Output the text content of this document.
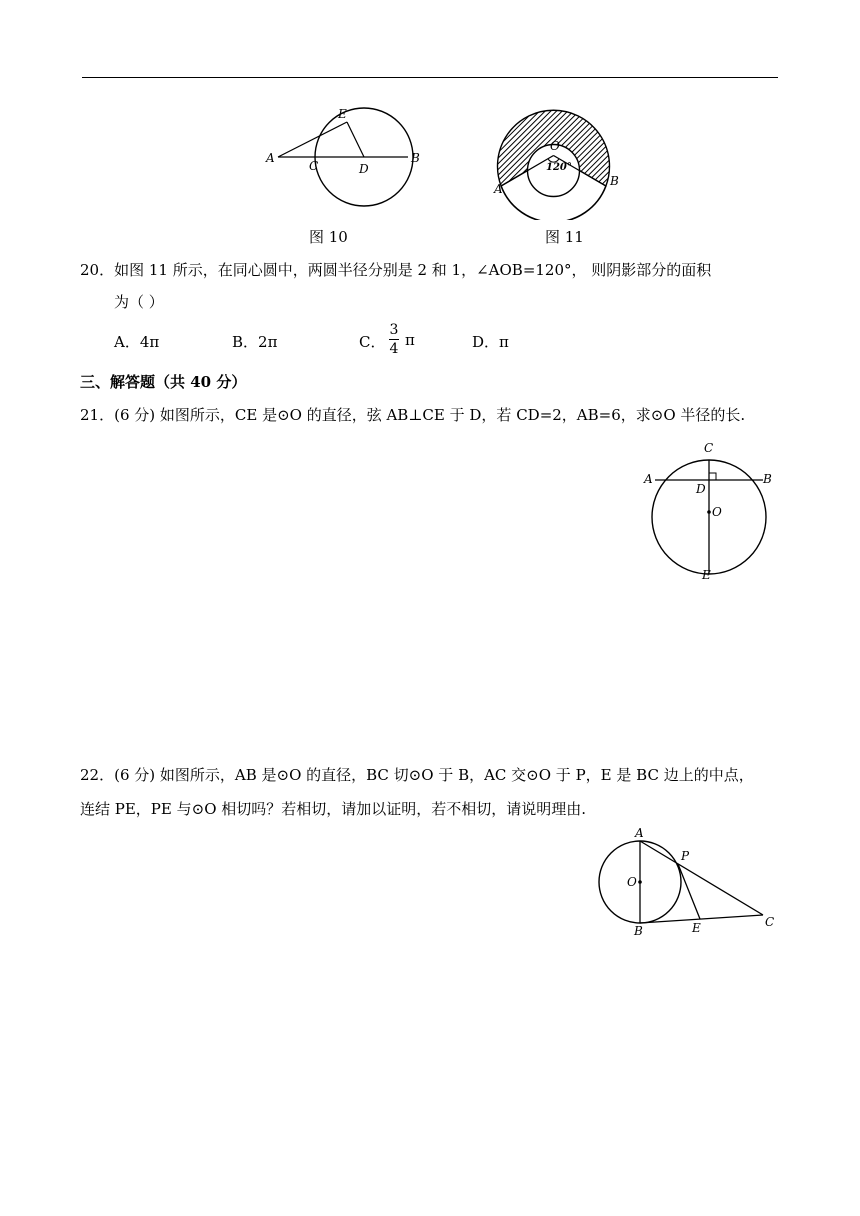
A
C	D
E
B
图 10
O
120°
A
B
图 11
20．如图 11 所示，在同心圆中，两圆半径分别是 2 和 1，∠AOB=120°， 则阴影部分的面积
为（ ）
A．4π	B．2π	C．
3
4 π	D．π
三、解答题（共 40 分）
21．(6 分) 如图所示，CE 是⊙O 的直径，弦 AB⊥CE 于 D，若 CD=2，AB=6，求⊙O 半径的长.
C
A	B
D
O
E
22．(6 分) 如图所示，AB 是⊙O 的直径，BC 切⊙O 于 B，AC 交⊙O 于 P，E 是 BC 边上的中点，
连结 PE，PE 与⊙O 相切吗？若相切，请加以证明，若不相切，请说明理由.
A
P
O
B	E	C
